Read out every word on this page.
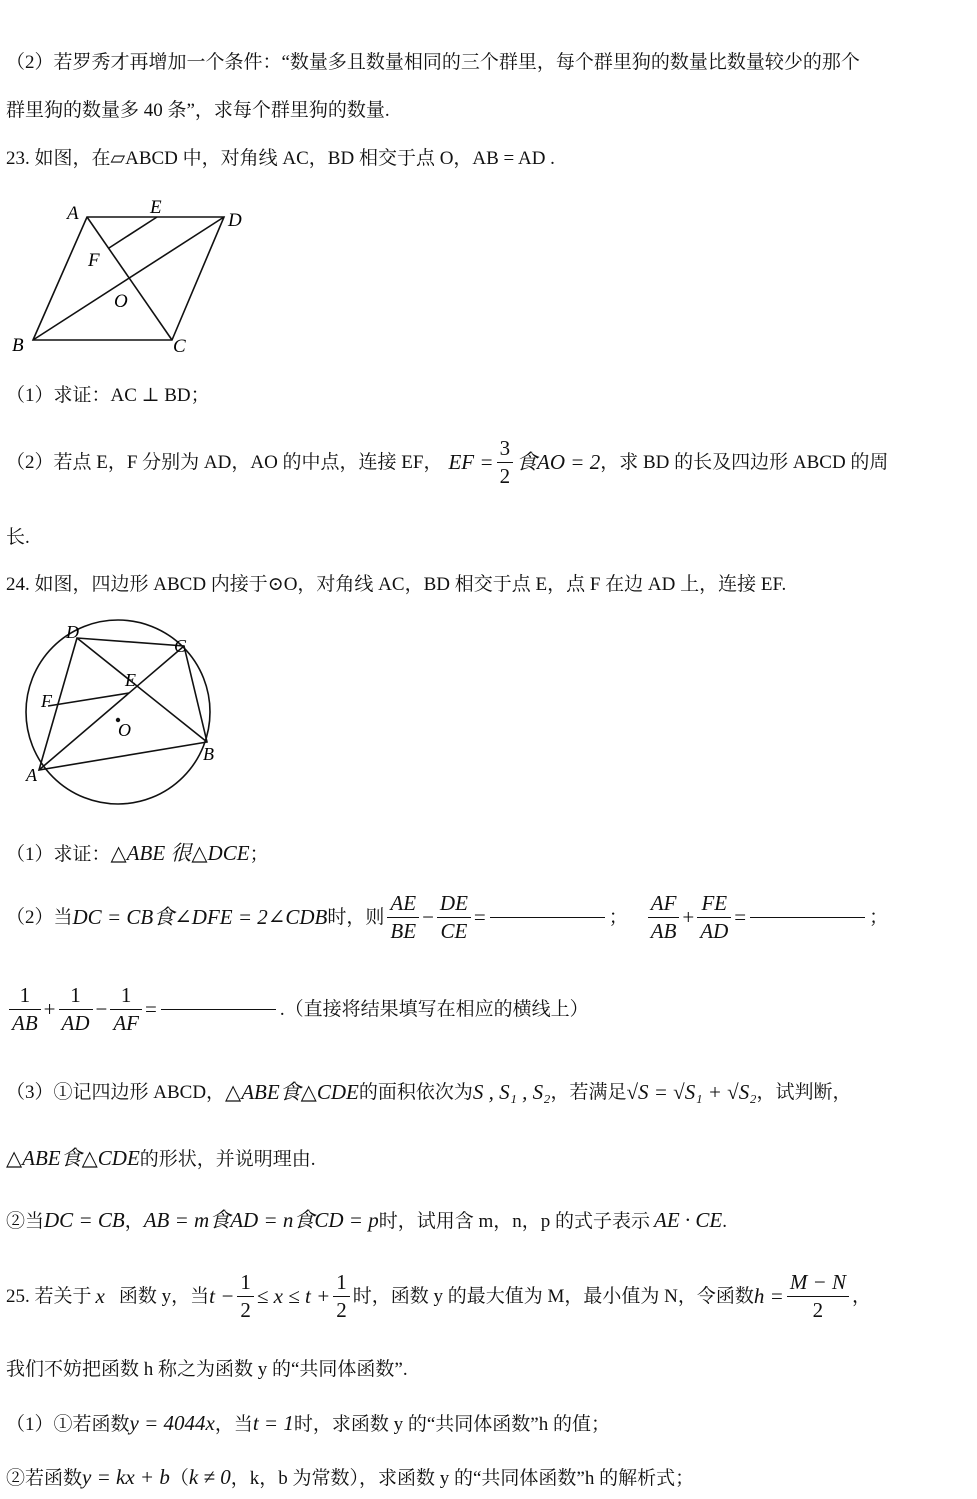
（2）若罗秀才再增加一个条件：“数量多且数量相同的三个群里，每个群里狗的数量比数量较少的那个
群里狗的数量多 40 条”，求每个群里狗的数量.
23. 如图，在▱ABCD 中，对角线 AC，BD 相交于点 O，AB = AD .
A	E
D
F
O
B	C
（1）求证：AC ⊥ BD；
（2）若点 E，F 分别为 AD，AO 的中点，连接 EF， EF = $\frac{3}{2}$ 食AO = 2 ，求 BD 的长及四边形 ABCD 的周
长.
24. 如图，四边形 ABCD 内接于⊙O，对角线 AC，BD 相交于点 E，点 F 在边 AD 上，连接 EF.
D
C
E
F
O
B
A
（1）求证：△ABE 很△DCE；
（2）当 DC = CB食∠DFE = 2∠CDB 时，则 $\frac{AE}{BE} - \frac{DE}{CE}$ =	； $\frac{AF}{AB} + \frac{FE}{AD}$ =	；
$\frac{1}{AB} + \frac{1}{AD} - \frac{1}{AF}$ =	.（直接将结果填写在相应的横线上）
（3）①记四边形 ABCD， △ABE食△CDE 的面积依次为 S , S₁ , S₂ ，若满足 √S = √S₁ + √S₂ ，试判断，
△ABE食△CDE的形状，并说明理由.
②当DC = CB，AB = m食AD = n食CD = p时，试用含 m，n，p 的式子表示 AE · CE.
25. 若关于 x 函数 y，当 $t - \frac{1}{2} \le x \le t + \frac{1}{2}$ 时，函数 y 的最大值为 M，最小值为 N，令函数 $h = \frac{M - N}{2}$ ，
我们不妨把函数 h 称之为函数 y 的“共同体函数”.
（1）①若函数y = 4044x，当t = 1时，求函数 y 的“共同体函数”h 的值；
②若函数y = kx + b（k ≠ 0，k，b 为常数），求函数 y 的“共同体函数”h 的解析式；
